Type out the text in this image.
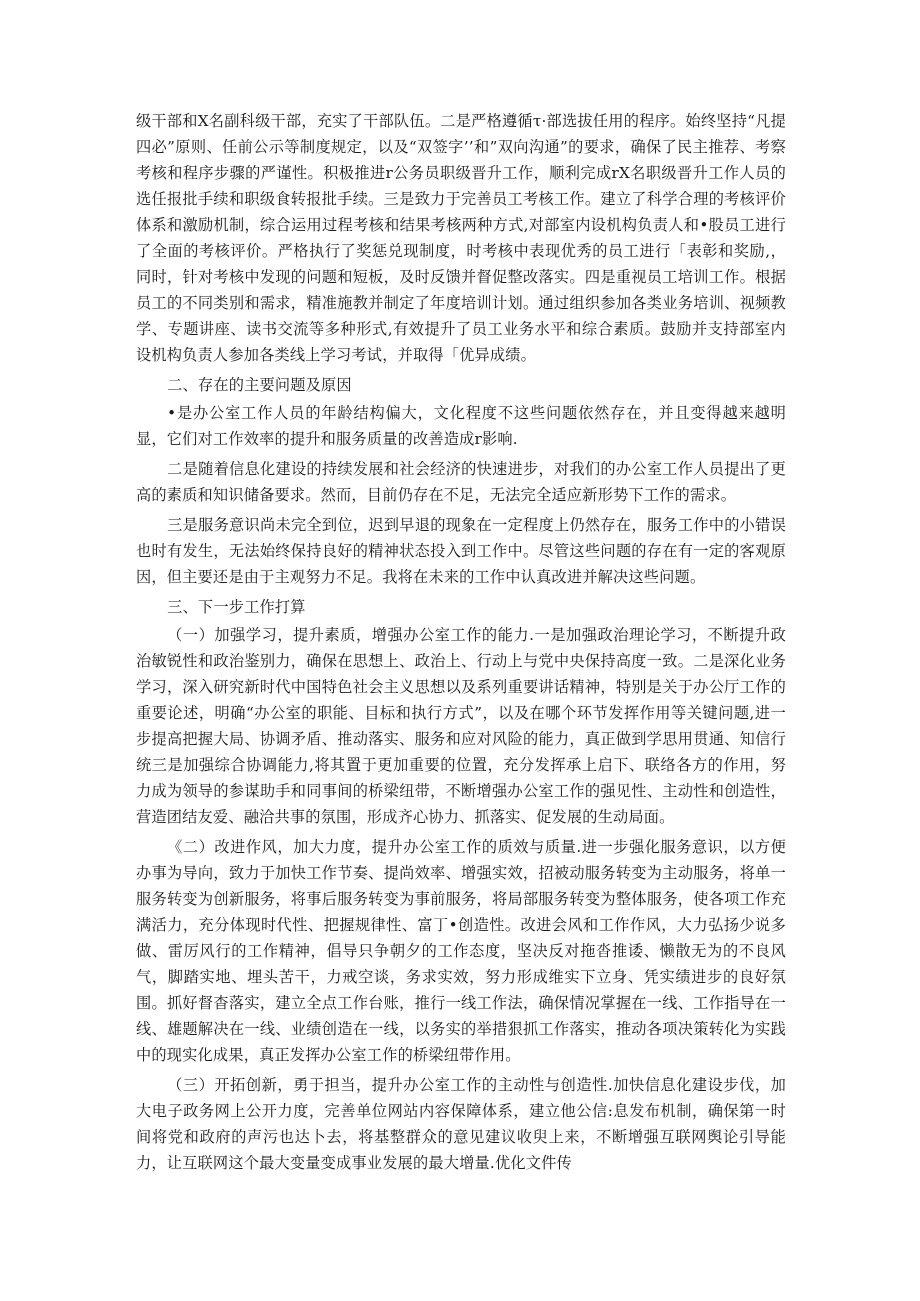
级干部和X名副科级干部，充实了干部队伍。二是严格遵循τ·部选拔任用的程序。始终坚持“凡提四必”原则、任前公示等制度规定，以及“双签字’’和”双向沟通”的要求，确保了民主推荐、考察考核和程序步骤的严谨性。积极推进r公务员职级晋升工作，顺利完成rX名职级晋升工作人员的选任报批手续和职级食转报批手续。三是致力于完善员工考核工作。建立了科学合理的考核评价体系和激励机制，综合运用过程考核和结果考核两种方式,对部室内设机构负责人和•股员工进行了全面的考核评价。严格执行了奖惩兑现制度，时考核中表现优秀的员工进行「表彰和奖励,，同时，针对考核中发现的问题和短板，及时反馈并督促整改落实。四是重视员工培训工作。根据员工的不同类别和需求，精准施教并制定了年度培训计划。通过组织参加各类业务培训、视频教学、专题讲座、读书交流等多种形式,有效提升了员工业务水平和综合素质。鼓励并支持部室内设机构负责人参加各类线上学习考试，并取得「优异成绩。

二、存在的主要问题及原因

•是办公室工作人员的年龄结构偏大，文化程度不这些问题依然存在，并且变得越来越明显，它们对工作效率的提升和服务质量的改善造成r影响.

二是随着信息化建设的持续发展和社会经济的快速进步，对我们的办公室工作人员提出了更高的素质和知识储备要求。然而，目前仍存在不足，无法完全适应新形势下工作的需求。

三是服务意识尚未完全到位，迟到早退的现象在一定程度上仍然存在，服务工作中的小错误也时有发生，无法始终保持良好的精神状态投入到工作中。尽管这些问题的存在有一定的客观原因，但主要还是由于主观努力不足。我将在未来的工作中认真改进并解决这些问题。

三、下一步工作打算

（一）加强学习，提升素质，增强办公室工作的能力.一是加强政治理论学习，不断提升政治敏锐性和政治鉴别力，确保在思想上、政治上、行动上与党中央保持高度一致。二是深化业务学习，深入研究新时代中国特色社会主义思想以及系列重要讲话精神，特别是关于办公厅工作的重要论述，明确“办公室的职能、目标和执行方式”，以及在哪个环节发挥作用等关键问题,进一步提高把握大局、协调矛盾、推动落实、服务和应对风险的能力，真正做到学思用贯通、知信行统三是加强综合协调能力,将其置于更加重要的位置，充分发挥承上启下、联络各方的作用，努力成为领导的参谋助手和同事间的桥梁纽带，不断增强办公室工作的强见性、主动性和创造性，营造团结友爱、融洽共事的氛围，形成齐心协力、抓落实、促发展的生动局面。

《二）改进作风，加大力度，提升办公室工作的质效与质量.进一步强化服务意识，以方便办事为导向，致力于加快工作节奏、提尚效率、增强实效，招被动服务转变为主动服务，将单一服务转变为创新服务，将事后服务转变为事前服务，将局部服务转变为整体服务，使各项工作充满活力，充分体现时代性、把握规律性、富丁•创造性。改进会风和工作作风，大力弘扬少说多做、雷厉风行的工作精神，倡导只争朝夕的工作态度，坚决反对拖沓推诿、懒散无为的不良风气，脚踏实地、埋头苦干，力戒空谈，务求实效，努力形成维实下立身、凭实绩进步的良好氛围。抓好督杳落实，建立全点工作台账，推行一线工作法，确保情况掌握在一线、工作指导在一线、雄题解决在一线、业绩创造在一线，以务实的举措狠抓工作落实，推动各项决策转化为实践中的现实化成果，真正发挥办公室工作的桥梁纽带作用。

（三）开拓创新，勇于担当，提升办公室工作的主动性与创造性.加快信息化建设步伐，加大电子政务网上公开力度，完善单位网站内容保障体系，建立他公信:息发布机制，确保第一时间将党和政府的声污也达卜去，将基整群众的意见建议收臾上来，不断增强互联网舆论引导能力，让互联网这个最大变量变成事业发展的最大增量.优化文件传
